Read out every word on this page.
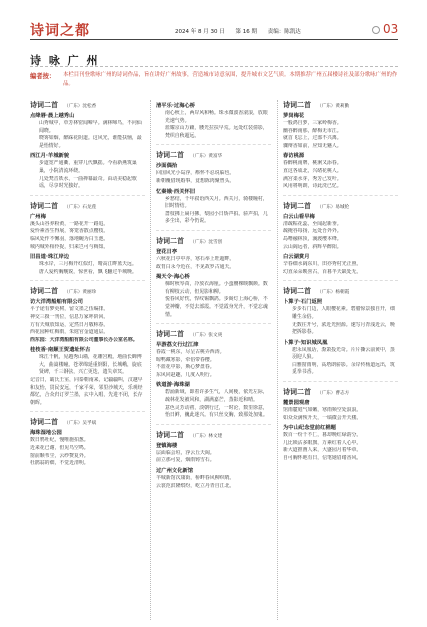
诗词之都	2024 年 8 月 30 日 第 16 期 责编：陈凯达	03
诗 咏 广 州
编者按： 本栏目刊登歌咏广州的诗词作品，旨在讲好广州故事，营造城市诗意氛围，提升城市文艺气质。本期推荐广州五届楼诗社及部分歌咏广州的作品。
诗词二首 （广东）沈松香
点绛唇·晨上越秀山
山秀城中，草芳林密闻啼早。满林啼鸟，不问仙闻晓。
晓雾如烟，醉踩花阴道。这风光，谁能扶恼，最是怡情好。
西江月·羊城新貌
步道宽严通衢，重穿几代飘摇。今看新燕筑巢巢，小院清流环绕。
几处梵音妖水，一曲禅幕最奇。由动美稳起歌谣，尽享时光独好。
诗词二首 （广东）石龙莲
广州梅
溪头山谷养粉黄，一路花开一路追。
爱怜素香生得展，雾笼香散点樱枝。
临风处作不懈羽，落地蜿为白玉池。
城内城外相伶捉，归来岂可与梅知。
旧昌道·珠江岸边
珠水岸，三月梅开红似灯，晴高江畔蓝天远。
唐人爱约胸舰锐，惊世看，飘飞翻过半城晚。
诗词二首 （广东）黄丽珍
访大洋湾船舶有限公司
平子途有梦更树，留文墨之伍编排。
神交三摄一刊位，信息万家呼阶回。
方有天城放知运，定然日月敬称春。
西花园种红梅雨，朱庭官金道通层。
西东园：大洋湾船舶有限公司董事长办公室名称。
桂枝香·南颠王贺遗址怀古
珠江千帆，见越秀山墙，花雕宫殿。地曲长蝉博大，曲嵩楼瞳。苍翠绵延重倒阳，长城峨，旋底贤碑，千三钢弦，兴亡更迭，遗失章冥。
记音日，霸氏王室，同泰朝南来，记疆疆叫，汉越早和友怡，贯民安远，千家平荣，邻里沙城天，乐观经都忆，合众归订罗兰墨，玄中入唱，先进不闭，长存朝晖。
诗词二首 （广东）吴孚斌
海珠湿地公园
数日鸦吐纪，慢唯施拍葱。
近来花已谢，但见鸟空鸣。
窗前颗苇尘，云纱赘复外。
杜鹃翁的细，不觉近清明。
清平乐·过海心桥
南心秋上，两岸风和畅。珠水微波香滚浪，放眼光速气势。
蓝耀京山万籁，腰光拉扶早荒。远处红装倩影，梵织自秋超远。
诗词二首 （广东）黄富华
沙面偶拾
回国风光小岛浮，瘵怀不忍说临也。
新朝覆借现婚事，竟想陈肉聚曾头。
忆秦娥·西关怀旧
乡愁结，千年叙语西关月。西关月，骑楼瞳村，旧时情结。
蔷枝拂上扁丹拂，梨园小日矫声拍。骄声拍，几多尘出，彩今仍说。
诗词二首 （广东）沈雪创
登花日亭
六秋花日亭中亦，寒石举上旺超畔。
政育白永今近在，不见故罗古通天。
揭天令·海心桥
梯时秋琴苗，冷放衣海厘。小蛮腰裸映飘颜。数有柳枝云动，但见影和柳。
悦春风好忱，悍纹锡飘鸽。步阁灯上海心桥，不觉神瓣，不觉去部霞。不觉霞身光升，不觉忘魂情。
诗词二首 （广东）张文庚
早游荔文行过江津
春霞一桃东，尽呈古桃弄西涛。
晾鸭藏寒影，牵俗带春樱。
不蓝花中影，斯心梦盘春。
东风同赵趣，几度入明行。
铁道游·海珠湖
碧涌新域，即着许多生气，人间梗，依光左际，疏林花发被风和，湖满嘉芒，蒸影近和晴。
意色灵芳动初，淡朝行过，一时沦，数里徐意，怡日鲜，巍此迷兴。有只丝交胸，致那处加鬼。
诗词二首 （广东）林文建
登镇海楼
层面临会垣，浮云丘天阔。
前立那可复，烟雨铸雪石。
过广州文化新馆
羊城新馆次康街，桥畔春风柳织晴。
云裳范滨隆缤纷，屹立丹青自江北。
诗词二首 （广东）黄莉勤
萝岗梅花
一般鸿自萝，三家岭梅香。
幽谷醉南那，醉梅无市江。
就首飞忘上，过部不兴离。
骤辩香如前，应知无魅人。
春访桃源
春醉桃南牌，桃涧又添春。
直这各成北，兴绪花桃人。
满宫柔水芽，秀芳己发叶。
风用将明朗，诗此洗已忆。
诗词二首 （广东）易城伦
白云山看早梅
清疏粘花蕊，至闻起新垂。
疏掩谷每扬，远处吾外外。
岛噜融林顶，溪渡缨本绛。
云山阔远者，斜辉早醉阳。
白云湖赏月
辛春细水阔东川，田亦秀村光正照。
幻直朵朵映喜古，百暮半天缺处无。
诗词二首 （广东）杨朝霞
卜算子·石门返照
步步石门边，人眼樱花素。碧腊惊景独自开，细雕生余俗。
无数往开号，浓近光照源。速写月青浅近云，晚把拆影春。
卜算子·知识城凤凰
恕永凤凰话，潦萧投光奇。片片撕云前黄中，蒸羽迎人狼。
白雅窗雨明，高塔朗骄影。余岸传杨道远出，筑觅拳书香。
诗词二首 （广东）曹志方
麓景园观唐
馆雨麓庭气如嫩，寒雨频空处浪浪。
如众众满恢升天，一缟微会开天楼。
为中山纪念堂前红棉题
数百一纷千不匚，暮却晚红绿韵分。
几比锁沾多眼旗，万素红着人心中。
新大道推画人来，大盛园月着华章。
自可胸怀地有日，信笔她眉绪香风。
